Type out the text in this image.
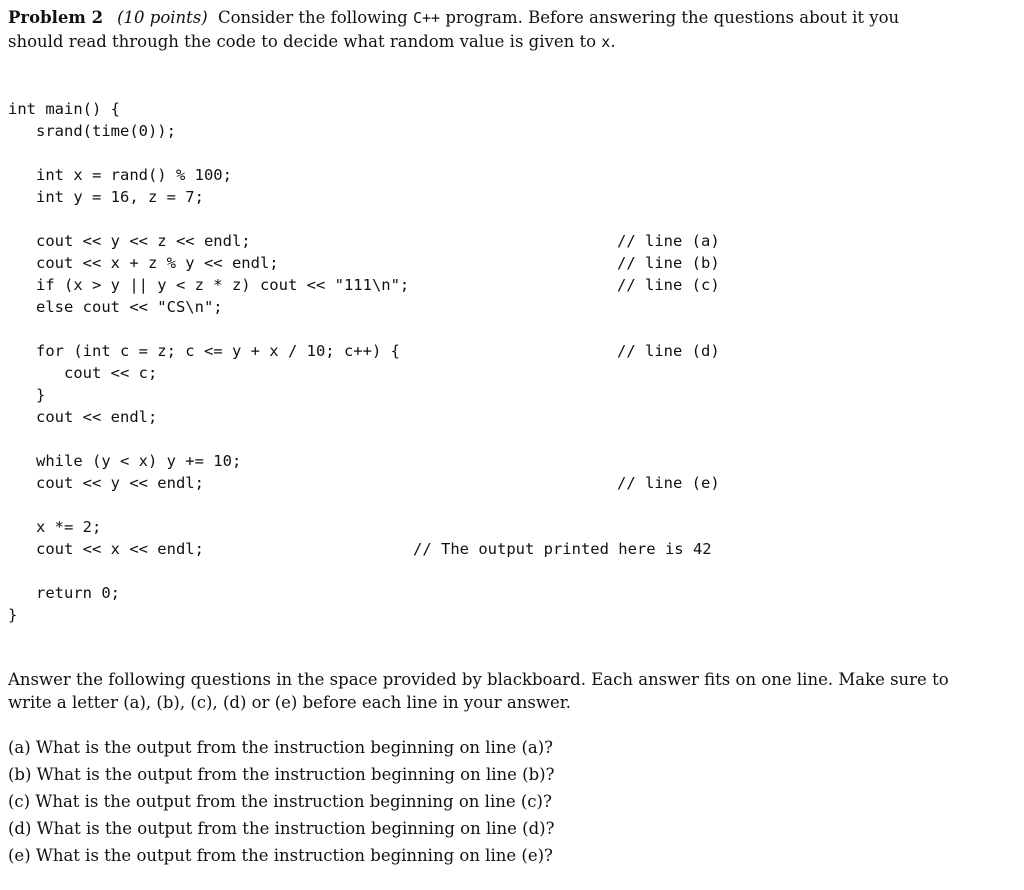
Problem 2 (10 points) Consider the following C++ program. Before answering the questions about it you should read through the code to decide what random value is given to x.

int main() {
srand(time(0));
int x = rand() % 100;
int y = 16, z = 7;
cout << y << z << endl;	// line (a)
cout << x + z % y << endl;	// line (b)
if (x > y || y < z * z) cout << "111\n";	// line (c)
else cout << "CS\n";
for (int c = z; c <= y + x / 10; c++) {	// line (d)
cout << c;
}
cout << endl;
while (y < x) y += 10;
cout << y << endl;	// line (e)
x *= 2;
cout << x << endl;	// The output printed here is 42
return 0;
}

Answer the following questions in the space provided by blackboard. Each answer fits on one line. Make sure to write a letter (a), (b), (c), (d) or (e) before each line in your answer.

(a) What is the output from the instruction beginning on line (a)?
(b) What is the output from the instruction beginning on line (b)?
(c) What is the output from the instruction beginning on line (c)?
(d) What is the output from the instruction beginning on line (d)?
(e) What is the output from the instruction beginning on line (e)?
